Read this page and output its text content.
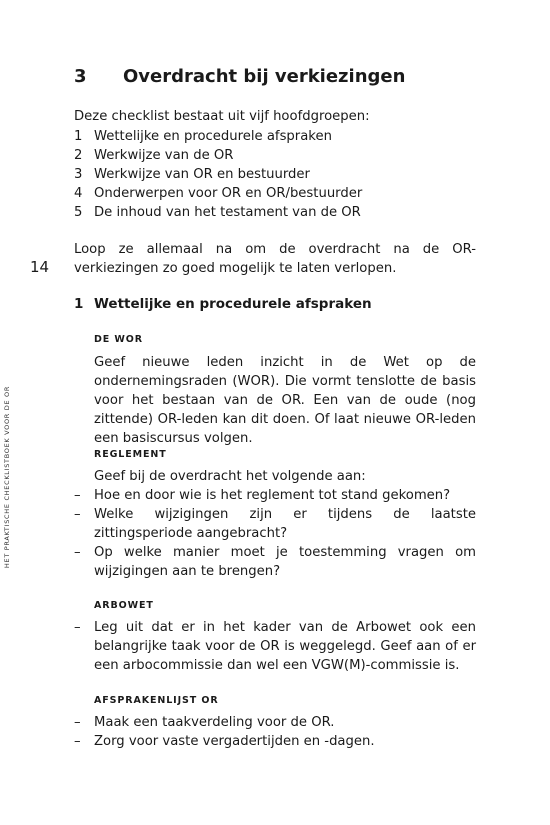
3 Overdracht bij verkiezingen
14
HET PRAKTISCHE CHECKLISTBOEK VOOR DE OR
Deze checklist bestaat uit vijf hoofdgroepen:
1 Wettelijke en procedurele afspraken
2 Werkwijze van de OR
3 Werkwijze van OR en bestuurder
4 Onderwerpen voor OR en OR/bestuurder
5 De inhoud van het testament van de OR
Loop ze allemaal na om de overdracht na de OR-verkiezingen zo goed mogelijk te laten verlopen.
1 Wettelijke en procedurele afspraken
DE WOR
Geef nieuwe leden inzicht in de Wet op de ondernemingsraden (WOR). Die vormt tenslotte de basis voor het bestaan van de OR. Een van de oude (nog zittende) OR-leden kan dit doen. Of laat nieuwe OR-leden een basiscursus volgen.
REGLEMENT
Geef bij de overdracht het volgende aan:
– Hoe en door wie is het reglement tot stand gekomen?
– Welke wijzigingen zijn er tijdens de laatste zittingsperiode aangebracht?
– Op welke manier moet je toestemming vragen om wijzigingen aan te brengen?
ARBOWET
– Leg uit dat er in het kader van de Arbowet ook een belangrijke taak voor de OR is weggelegd. Geef aan of er een arbocommissie dan wel een VGW(M)-commissie is.
AFSPRAKENLIJST OR
– Maak een taakverdeling voor de OR.
– Zorg voor vaste vergadertijden en -dagen.
